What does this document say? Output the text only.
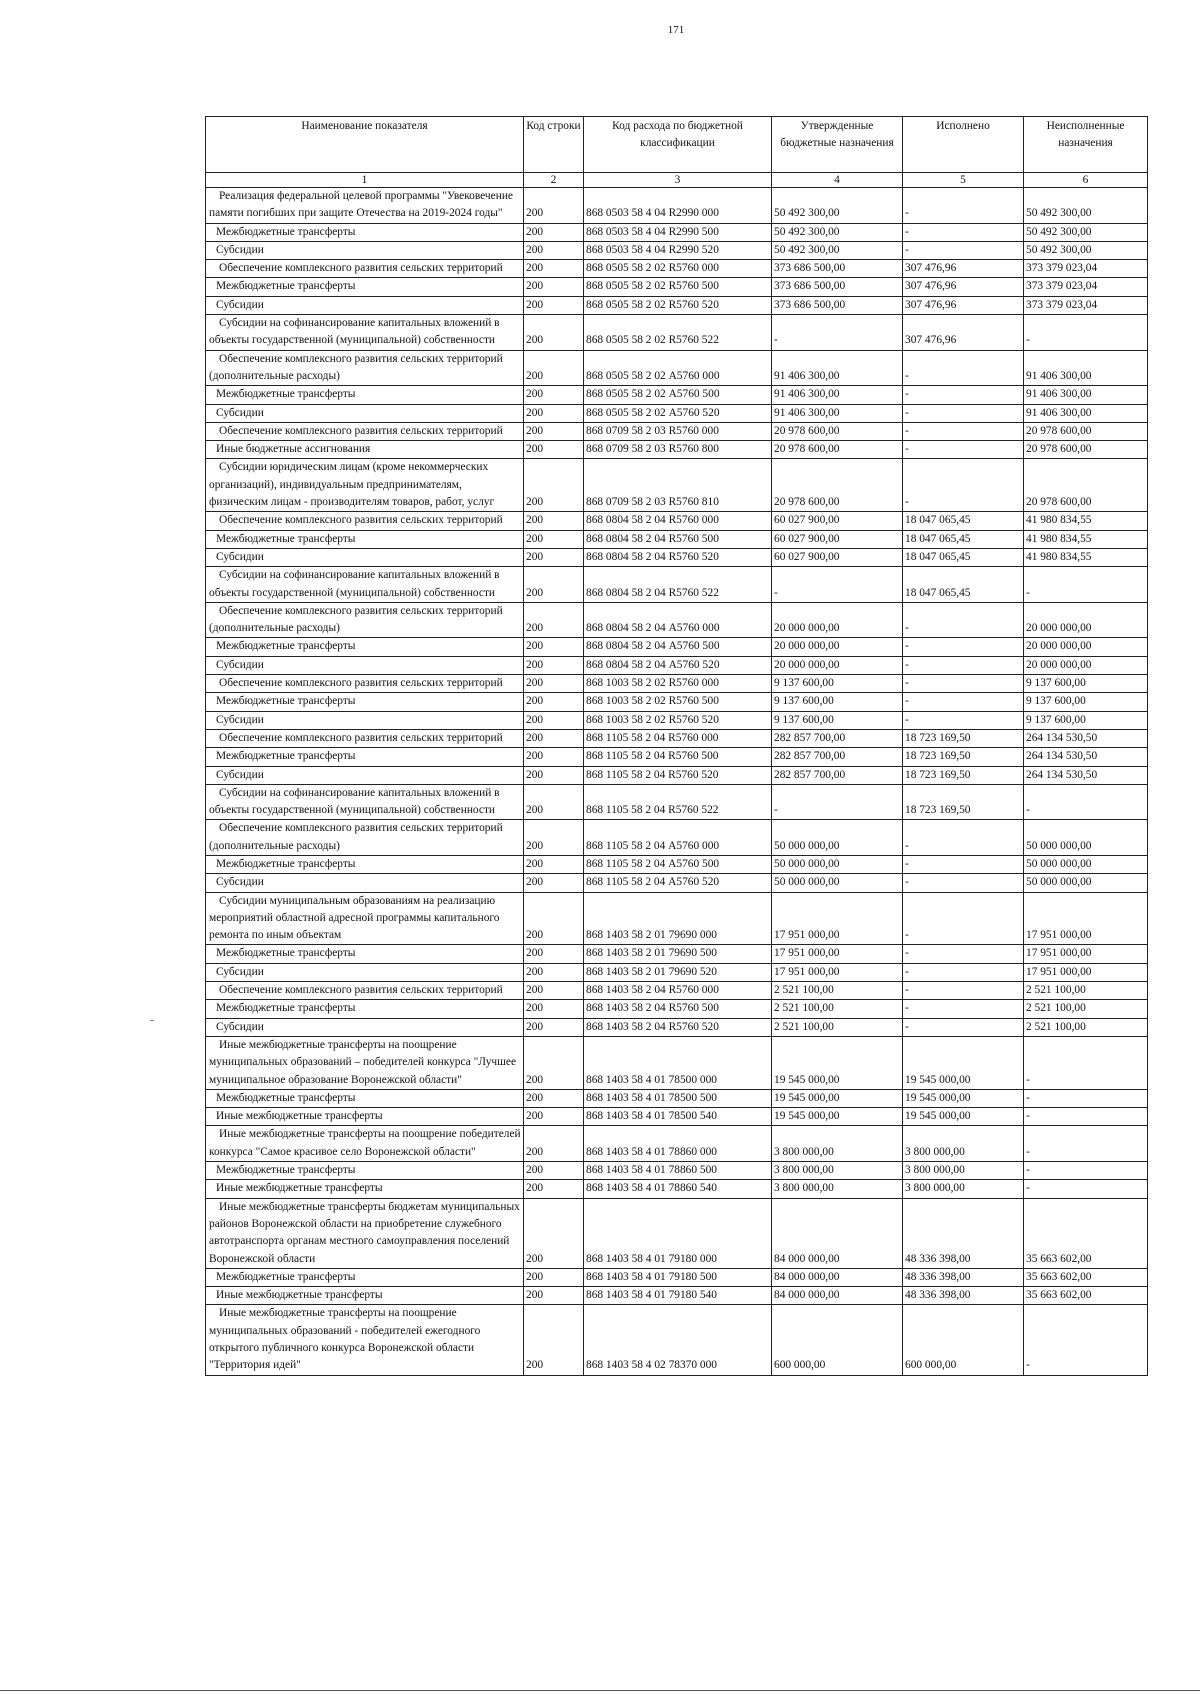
171
Наименование показателя	Код строки	Код расхода по бюджетной классификации	Утвержденные бюджетные назначения	Исполнено	Неисполненные назначения
1	2	3	4	5	6
Реализация федеральной целевой программы "Увековечение памяти погибших при защите Отечества на 2019-2024 годы"	200	868 0503 58 4 04 R2990 000	50 492 300,00	-	50 492 300,00
Межбюджетные трансферты	200	868 0503 58 4 04 R2990 500	50 492 300,00	-	50 492 300,00
Субсидии	200	868 0503 58 4 04 R2990 520	50 492 300,00	-	50 492 300,00
Обеспечение комплексного развития сельских территорий	200	868 0505 58 2 02 R5760 000	373 686 500,00	307 476,96	373 379 023,04
Межбюджетные трансферты	200	868 0505 58 2 02 R5760 500	373 686 500,00	307 476,96	373 379 023,04
Субсидии	200	868 0505 58 2 02 R5760 520	373 686 500,00	307 476,96	373 379 023,04
Субсидии на софинансирование капитальных вложений в объекты государственной (муниципальной) собственности	200	868 0505 58 2 02 R5760 522	-	307 476,96	-
Обеспечение комплексного развития сельских территорий (дополнительные расходы)	200	868 0505 58 2 02 А5760 000	91 406 300,00	-	91 406 300,00
Межбюджетные трансферты	200	868 0505 58 2 02 А5760 500	91 406 300,00	-	91 406 300,00
Субсидии	200	868 0505 58 2 02 А5760 520	91 406 300,00	-	91 406 300,00
Обеспечение комплексного развития сельских территорий	200	868 0709 58 2 03 R5760 000	20 978 600,00	-	20 978 600,00
Иные бюджетные ассигнования	200	868 0709 58 2 03 R5760 800	20 978 600,00	-	20 978 600,00
Субсидии юридическим лицам (кроме некоммерческих организаций), индивидуальным предпринимателям, физическим лицам - производителям товаров, работ, услуг	200	868 0709 58 2 03 R5760 810	20 978 600,00	-	20 978 600,00
Обеспечение комплексного развития сельских территорий	200	868 0804 58 2 04 R5760 000	60 027 900,00	18 047 065,45	41 980 834,55
Межбюджетные трансферты	200	868 0804 58 2 04 R5760 500	60 027 900,00	18 047 065,45	41 980 834,55
Субсидии	200	868 0804 58 2 04 R5760 520	60 027 900,00	18 047 065,45	41 980 834,55
Субсидии на софинансирование капитальных вложений в объекты государственной (муниципальной) собственности	200	868 0804 58 2 04 R5760 522	-	18 047 065,45	-
Обеспечение комплексного развития сельских территорий (дополнительные расходы)	200	868 0804 58 2 04 А5760 000	20 000 000,00	-	20 000 000,00
Межбюджетные трансферты	200	868 0804 58 2 04 А5760 500	20 000 000,00	-	20 000 000,00
Субсидии	200	868 0804 58 2 04 А5760 520	20 000 000,00	-	20 000 000,00
Обеспечение комплексного развития сельских территорий	200	868 1003 58 2 02 R5760 000	9 137 600,00	-	9 137 600,00
Межбюджетные трансферты	200	868 1003 58 2 02 R5760 500	9 137 600,00	-	9 137 600,00
Субсидии	200	868 1003 58 2 02 R5760 520	9 137 600,00	-	9 137 600,00
Обеспечение комплексного развития сельских территорий	200	868 1105 58 2 04 R5760 000	282 857 700,00	18 723 169,50	264 134 530,50
Межбюджетные трансферты	200	868 1105 58 2 04 R5760 500	282 857 700,00	18 723 169,50	264 134 530,50
Субсидии	200	868 1105 58 2 04 R5760 520	282 857 700,00	18 723 169,50	264 134 530,50
Субсидии на софинансирование капитальных вложений в объекты государственной (муниципальной) собственности	200	868 1105 58 2 04 R5760 522	-	18 723 169,50	-
Обеспечение комплексного развития сельских территорий (дополнительные расходы)	200	868 1105 58 2 04 А5760 000	50 000 000,00	-	50 000 000,00
Межбюджетные трансферты	200	868 1105 58 2 04 А5760 500	50 000 000,00	-	50 000 000,00
Субсидии	200	868 1105 58 2 04 А5760 520	50 000 000,00	-	50 000 000,00
Субсидии муниципальным образованиям на реализацию мероприятий областной адресной программы капитального ремонта по иным объектам	200	868 1403 58 2 01 79690 000	17 951 000,00	-	17 951 000,00
Межбюджетные трансферты	200	868 1403 58 2 01 79690 500	17 951 000,00	-	17 951 000,00
Субсидии	200	868 1403 58 2 01 79690 520	17 951 000,00	-	17 951 000,00
Обеспечение комплексного развития сельских территорий	200	868 1403 58 2 04 R5760 000	2 521 100,00	-	2 521 100,00
Межбюджетные трансферты	200	868 1403 58 2 04 R5760 500	2 521 100,00	-	2 521 100,00
Субсидии	200	868 1403 58 2 04 R5760 520	2 521 100,00	-	2 521 100,00
Иные межбюджетные трансферты на поощрение муниципальных образований – победителей конкурса "Лучшее муниципальное образование Воронежской области"	200	868 1403 58 4 01 78500 000	19 545 000,00	19 545 000,00	-
Межбюджетные трансферты	200	868 1403 58 4 01 78500 500	19 545 000,00	19 545 000,00	-
Иные межбюджетные трансферты	200	868 1403 58 4 01 78500 540	19 545 000,00	19 545 000,00	-
Иные межбюджетные трансферты на поощрение победителей конкурса "Самое красивое село Воронежской области"	200	868 1403 58 4 01 78860 000	3 800 000,00	3 800 000,00	-
Межбюджетные трансферты	200	868 1403 58 4 01 78860 500	3 800 000,00	3 800 000,00	-
Иные межбюджетные трансферты	200	868 1403 58 4 01 78860 540	3 800 000,00	3 800 000,00	-
Иные межбюджетные трансферты бюджетам муниципальных районов Воронежской области на приобретение служебного автотранспорта органам местного самоуправления поселений Воронежской области	200	868 1403 58 4 01 79180 000	84 000 000,00	48 336 398,00	35 663 602,00
Межбюджетные трансферты	200	868 1403 58 4 01 79180 500	84 000 000,00	48 336 398,00	35 663 602,00
Иные межбюджетные трансферты	200	868 1403 58 4 01 79180 540	84 000 000,00	48 336 398,00	35 663 602,00
Иные межбюджетные трансферты на поощрение муниципальных образований - победителей ежегодного открытого публичного конкурса Воронежской области "Территория идей"	200	868 1403 58 4 02 78370 000	600 000,00	600 000,00	-
